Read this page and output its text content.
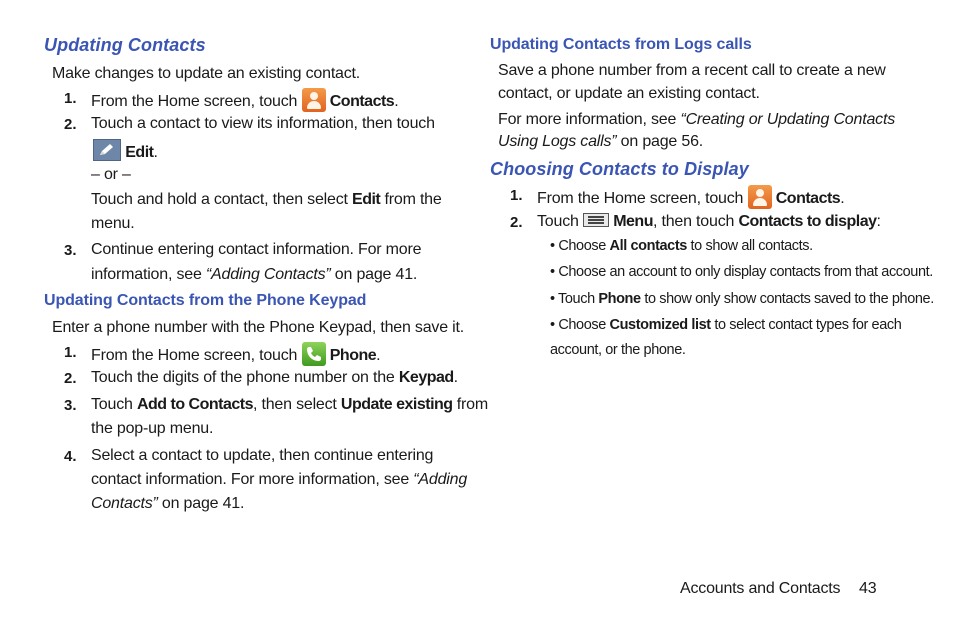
Updating Contacts
Make changes to update an existing contact.
1. From the Home screen, touch Contacts.
2. Touch a contact to view its information, then touch
Edit.
– or –
Touch and hold a contact, then select Edit from the
menu.
3. Continue entering contact information. For more
information, see “Adding Contacts” on page 41.
Updating Contacts from the Phone Keypad
Enter a phone number with the Phone Keypad, then save it.
1. From the Home screen, touch Phone.
2. Touch the digits of the phone number on the Keypad.
3. Touch Add to Contacts, then select Update existing from
the pop-up menu.
4. Select a contact to update, then continue entering
contact information. For more information, see “Adding
Contacts” on page 41.
Updating Contacts from Logs calls
Save a phone number from a recent call to create a new
contact, or update an existing contact.
For more information, see “Creating or Updating Contacts
Using Logs calls” on page 56.
Choosing Contacts to Display
1. From the Home screen, touch Contacts.
2. Touch
Menu, then touch Contacts to display:
• Choose All contacts to show all contacts.
• Choose an account to only display contacts from that account.
• Touch Phone to show only show contacts saved to the phone.
• Choose Customized list to select contact types for each
account, or the phone.
Accounts and Contacts 43
